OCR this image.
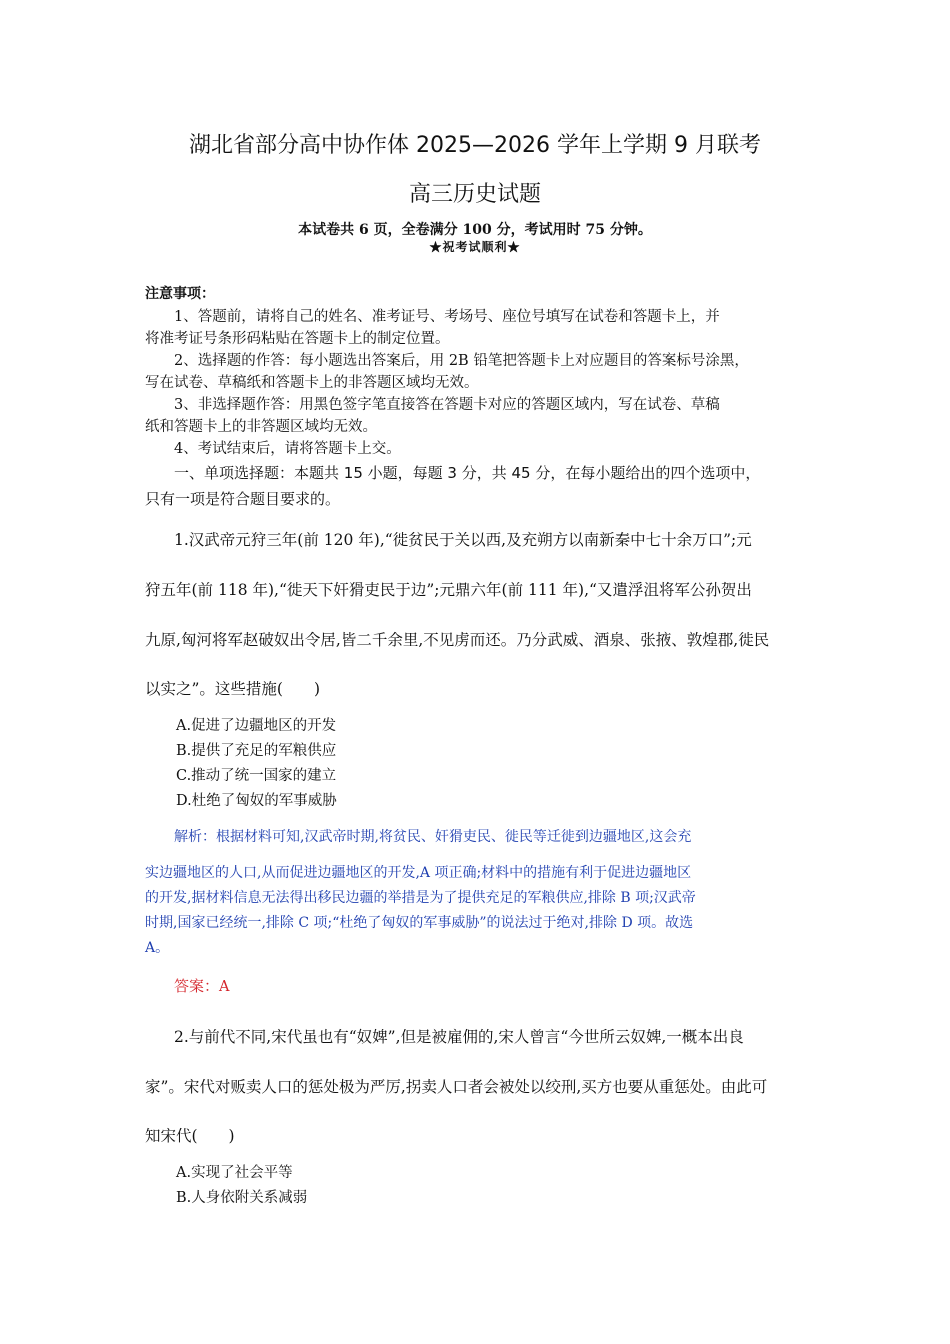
湖北省部分高中协作体 2025—2026 学年上学期 9 月联考
高三历史试题
本试卷共 6 页，全卷满分 100 分，考试用时 75 分钟。
★祝考试顺利★
注意事项：
1、答题前，请将自己的姓名、准考证号、考场号、座位号填写在试卷和答题卡上，并
将准考证号条形码粘贴在答题卡上的制定位置。
2、选择题的作答：每小题选出答案后，用 2B 铅笔把答题卡上对应题目的答案标号涂黑，
写在试卷、草稿纸和答题卡上的非答题区域均无效。
3、非选择题作答：用黑色签字笔直接答在答题卡对应的答题区域内，写在试卷、草稿
纸和答题卡上的非答题区域均无效。
4、考试结束后，请将答题卡上交。
一、单项选择题：本题共 15 小题，每题 3 分，共 45 分，在每小题给出的四个选项中，
只有一项是符合题目要求的。
1.汉武帝元狩三年(前 120 年),“徙贫民于关以西,及充朔方以南新秦中七十余万口”;元
狩五年(前 118 年),“徙天下奸猾吏民于边”;元鼎六年(前 111 年),“又遣浮沮将军公孙贺出
九原,匈河将军赵破奴出令居,皆二千余里,不见虏而还。乃分武威、酒泉、张掖、敦煌郡,徙民
以实之”。这些措施(　　)
A.促进了边疆地区的开发
B.提供了充足的军粮供应
C.推动了统一国家的建立
D.杜绝了匈奴的军事威胁
解析：根据材料可知,汉武帝时期,将贫民、奸猾吏民、徙民等迁徙到边疆地区,这会充
实边疆地区的人口,从而促进边疆地区的开发,A 项正确;材料中的措施有利于促进边疆地区
的开发,据材料信息无法得出移民边疆的举措是为了提供充足的军粮供应,排除 B 项;汉武帝
时期,国家已经统一,排除 C 项;“杜绝了匈奴的军事威胁”的说法过于绝对,排除 D 项。故选
A。
答案：A
2.与前代不同,宋代虽也有“奴婢”,但是被雇佣的,宋人曾言“今世所云奴婢,一概本出良
家”。宋代对贩卖人口的惩处极为严厉,拐卖人口者会被处以绞刑,买方也要从重惩处。由此可
知宋代(　　)
A.实现了社会平等
B.人身依附关系减弱
